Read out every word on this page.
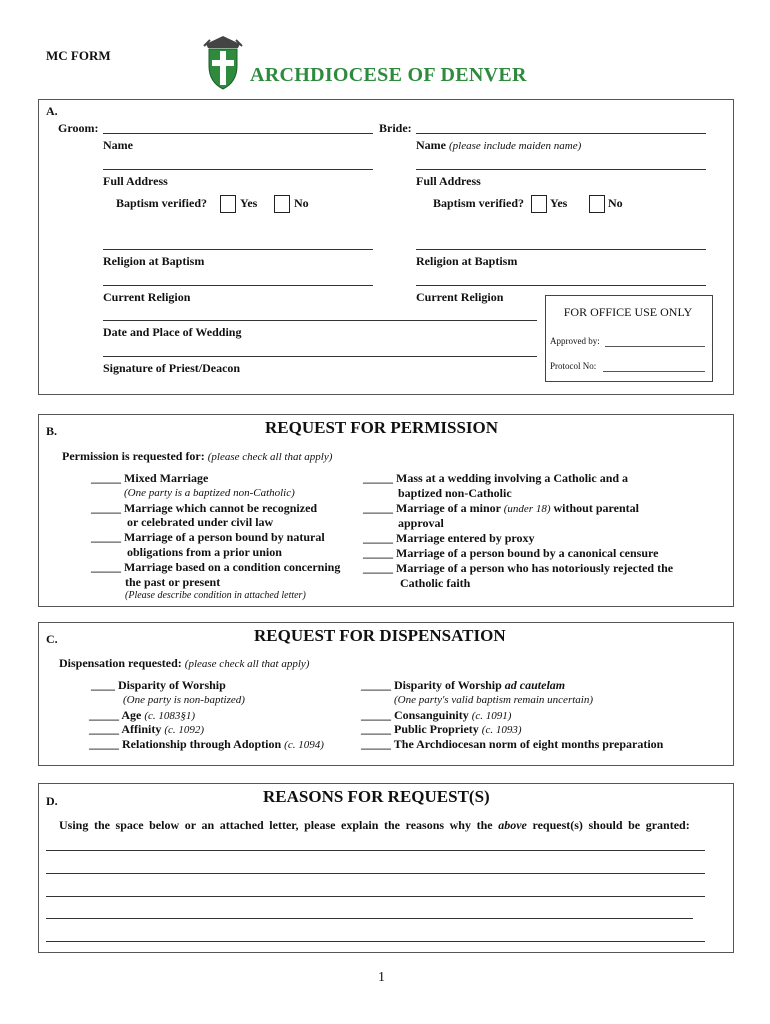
MC FORM
ARCHDIOCESE OF DENVER
A.
Groom:	Bride:
Name	Name (please include maiden name)
Full Address	Full Address
Baptism verified?	Yes	No	Baptism verified? Yes	No
Religion at Baptism	Religion at Baptism
Current Religion	Current Religion
Date and Place of Wedding
Signature of Priest/Deacon
FOR OFFICE USE ONLY
Approved by:
Protocol No:
B.	REQUEST FOR PERMISSION
Permission is requested for: (please check all that apply)
_____ Mixed Marriage
(One party is a baptized non-Catholic)
_____ Marriage which cannot be recognized
or celebrated under civil law
_____ Marriage of a person bound by natural
obligations from a prior union
_____ Marriage based on a condition concerning
the past or present
(Please describe condition in attached letter)
_____ Mass at a wedding involving a Catholic and a
baptized non-Catholic
_____ Marriage of a minor (under 18) without parental
approval
_____ Marriage entered by proxy
_____ Marriage of a person bound by a canonical censure
_____ Marriage of a person who has notoriously rejected the
Catholic faith
C.	REQUEST FOR DISPENSATION
Dispensation requested: (please check all that apply)
____ Disparity of Worship
(One party is non-baptized)
_____ Age (c. 1083§1)
_____ Affinity (c. 1092)
_____ Relationship through Adoption (c. 1094)
_____ Disparity of Worship ad cautelam
(One party's valid baptism remain uncertain)
_____ Consanguinity (c. 1091)
_____ Public Propriety (c. 1093)
_____ The Archdiocesan norm of eight months preparation
D.	REASONS FOR REQUEST(S)
Using the space below or an attached letter, please explain the reasons why the above request(s) should be granted:
1
